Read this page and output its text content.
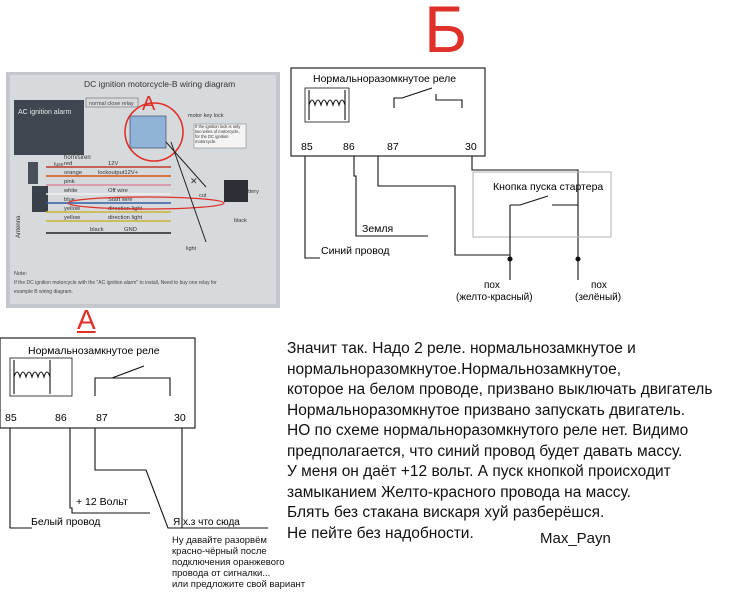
DC ignition motorcycle-B wiring diagram
normal close relay
AC ignition alarm
fuse
Antenna
horn/siren
red	12V
orange	lockoutput12V+
pink
white	Off wire
blue	Start wire
yellow	direction light
yellow	direction light
black	GND
A
motor key lock
If the ignition lock is only two wires of motorcycle, for the DC ignition motorcycle.
cut
✕
battery
light
black
Note:
If the DC ignition motorcycle with the "AC ignition alarm" to install, Need to buy one relay for
example B wiring diagram.
Б
А
Нормальноразомкнутое реле
85	86	87	30
Земля
Синий провод
Кнопка пуска стартера
пох
(желто-красный)
пох
(зелёный)
Нормальнозамкнутое реле
85	86	87	30
+ 12 Вольт
Белый провод	Я х.з что сюда
Ну давайте разорвём
красно-чёрный после
подключения оранжевого
провода от сигналки...
или предложите свой вариант
Значит так. Надо 2 реле. нормальнозамкнутое и
нормальноразомкнутое.Нормальнозамкнутое,
которое на белом проводе, призвано выключать двигатель
Нормальноразомкнутое призвано запускать двигатель.
НО по схеме нормальноразомкнутого реле нет. Видимо
предполагается, что синий провод будет давать массу.
У меня он даёт +12 вольт. А пуск кнопкой происходит
замыканием Желто-красного провода на массу.
Блять без стакана вискаря хуй разберёшся.
Не пейте без надобности.	Max_Payn
